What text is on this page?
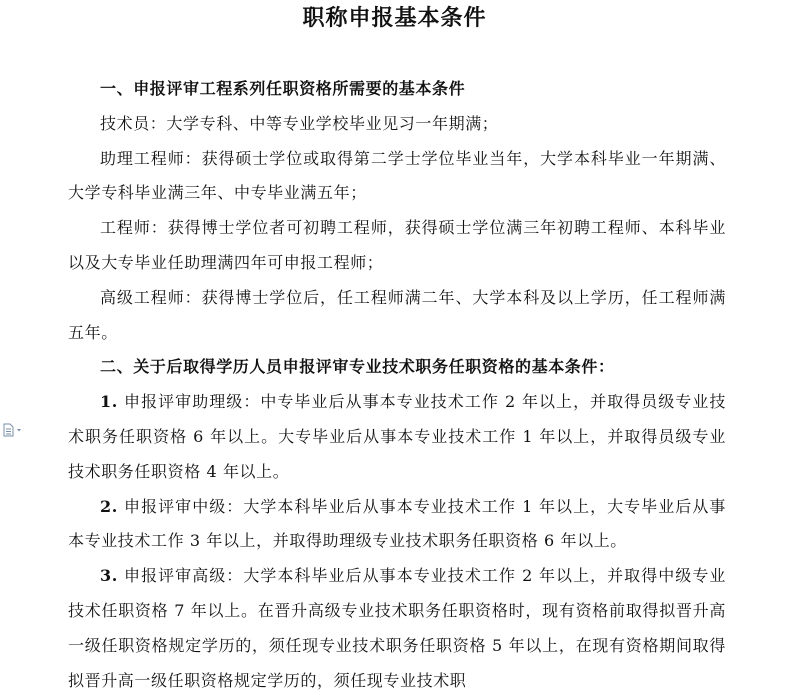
职称申报基本条件

一、申报评审工程系列任职资格所需要的基本条件

技术员：大学专科、中等专业学校毕业见习一年期满；

助理工程师：获得硕士学位或取得第二学士学位毕业当年，大学本科毕业一年期满、大学专科毕业满三年、中专毕业满五年；

工程师：获得博士学位者可初聘工程师，获得硕士学位满三年初聘工程师、本科毕业以及大专毕业任助理满四年可申报工程师；

高级工程师：获得博士学位后，任工程师满二年、大学本科及以上学历，任工程师满五年。

二、关于后取得学历人员申报评审专业技术职务任职资格的基本条件：

1. 申报评审助理级：中专毕业后从事本专业技术工作 2 年以上，并取得员级专业技术职务任职资格 6 年以上。大专毕业后从事本专业技术工作 1 年以上，并取得员级专业技术职务任职资格 4 年以上。

2. 申报评审中级：大学本科毕业后从事本专业技术工作 1 年以上，大专毕业后从事本专业技术工作 3 年以上，并取得助理级专业技术职务任职资格 6 年以上。

3. 申报评审高级：大学本科毕业后从事本专业技术工作 2 年以上，并取得中级专业技术任职资格 7 年以上。在晋升高级专业技术职务任职资格时，现有资格前取得拟晋升高一级任职资格规定学历的，须任现专业技术职务任职资格 5 年以上，在现有资格期间取得拟晋升高一级任职资格规定学历的，须任现专业技术职
